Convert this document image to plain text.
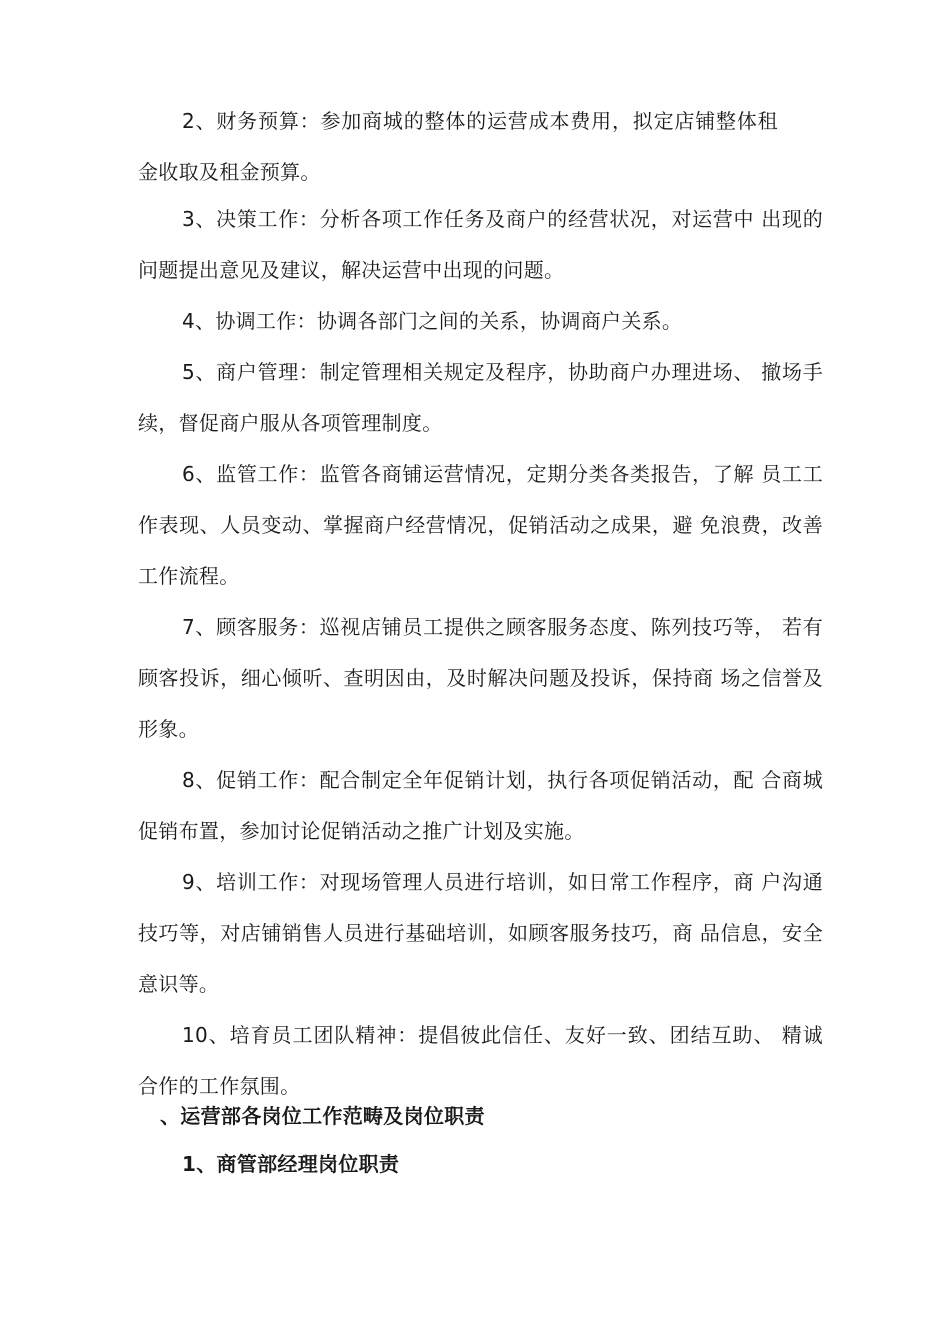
2、财务预算：参加商城的整体的运营成本费用，拟定店铺整体租金收取及租金预算。

3、决策工作：分析各项工作任务及商户的经营状况，对运营中 出现的问题提出意见及建议，解决运营中出现的问题。

4、协调工作：协调各部门之间的关系，协调商户关系。

5、商户管理：制定管理相关规定及程序，协助商户办理进场、 撤场手续，督促商户服从各项管理制度。

6、监管工作：监管各商铺运营情况，定期分类各类报告，了解 员工工作表现、人员变动、掌握商户经营情况，促销活动之成果，避 免浪费，改善工作流程。

7、顾客服务：巡视店铺员工提供之顾客服务态度、陈列技巧等， 若有顾客投诉，细心倾听、查明因由，及时解决问题及投诉，保持商 场之信誉及形象。

8、促销工作：配合制定全年促销计划，执行各项促销活动，配 合商城促销布置，参加讨论促销活动之推广计划及实施。

9、培训工作：对现场管理人员进行培训，如日常工作程序，商 户沟通技巧等，对店铺销售人员进行基础培训，如顾客服务技巧，商 品信息，安全意识等。

10、培育员工团队精神：提倡彼此信任、友好一致、团结互助、 精诚合作的工作氛围。

、运营部各岗位工作范畴及岗位职责
1、商管部经理岗位职责
